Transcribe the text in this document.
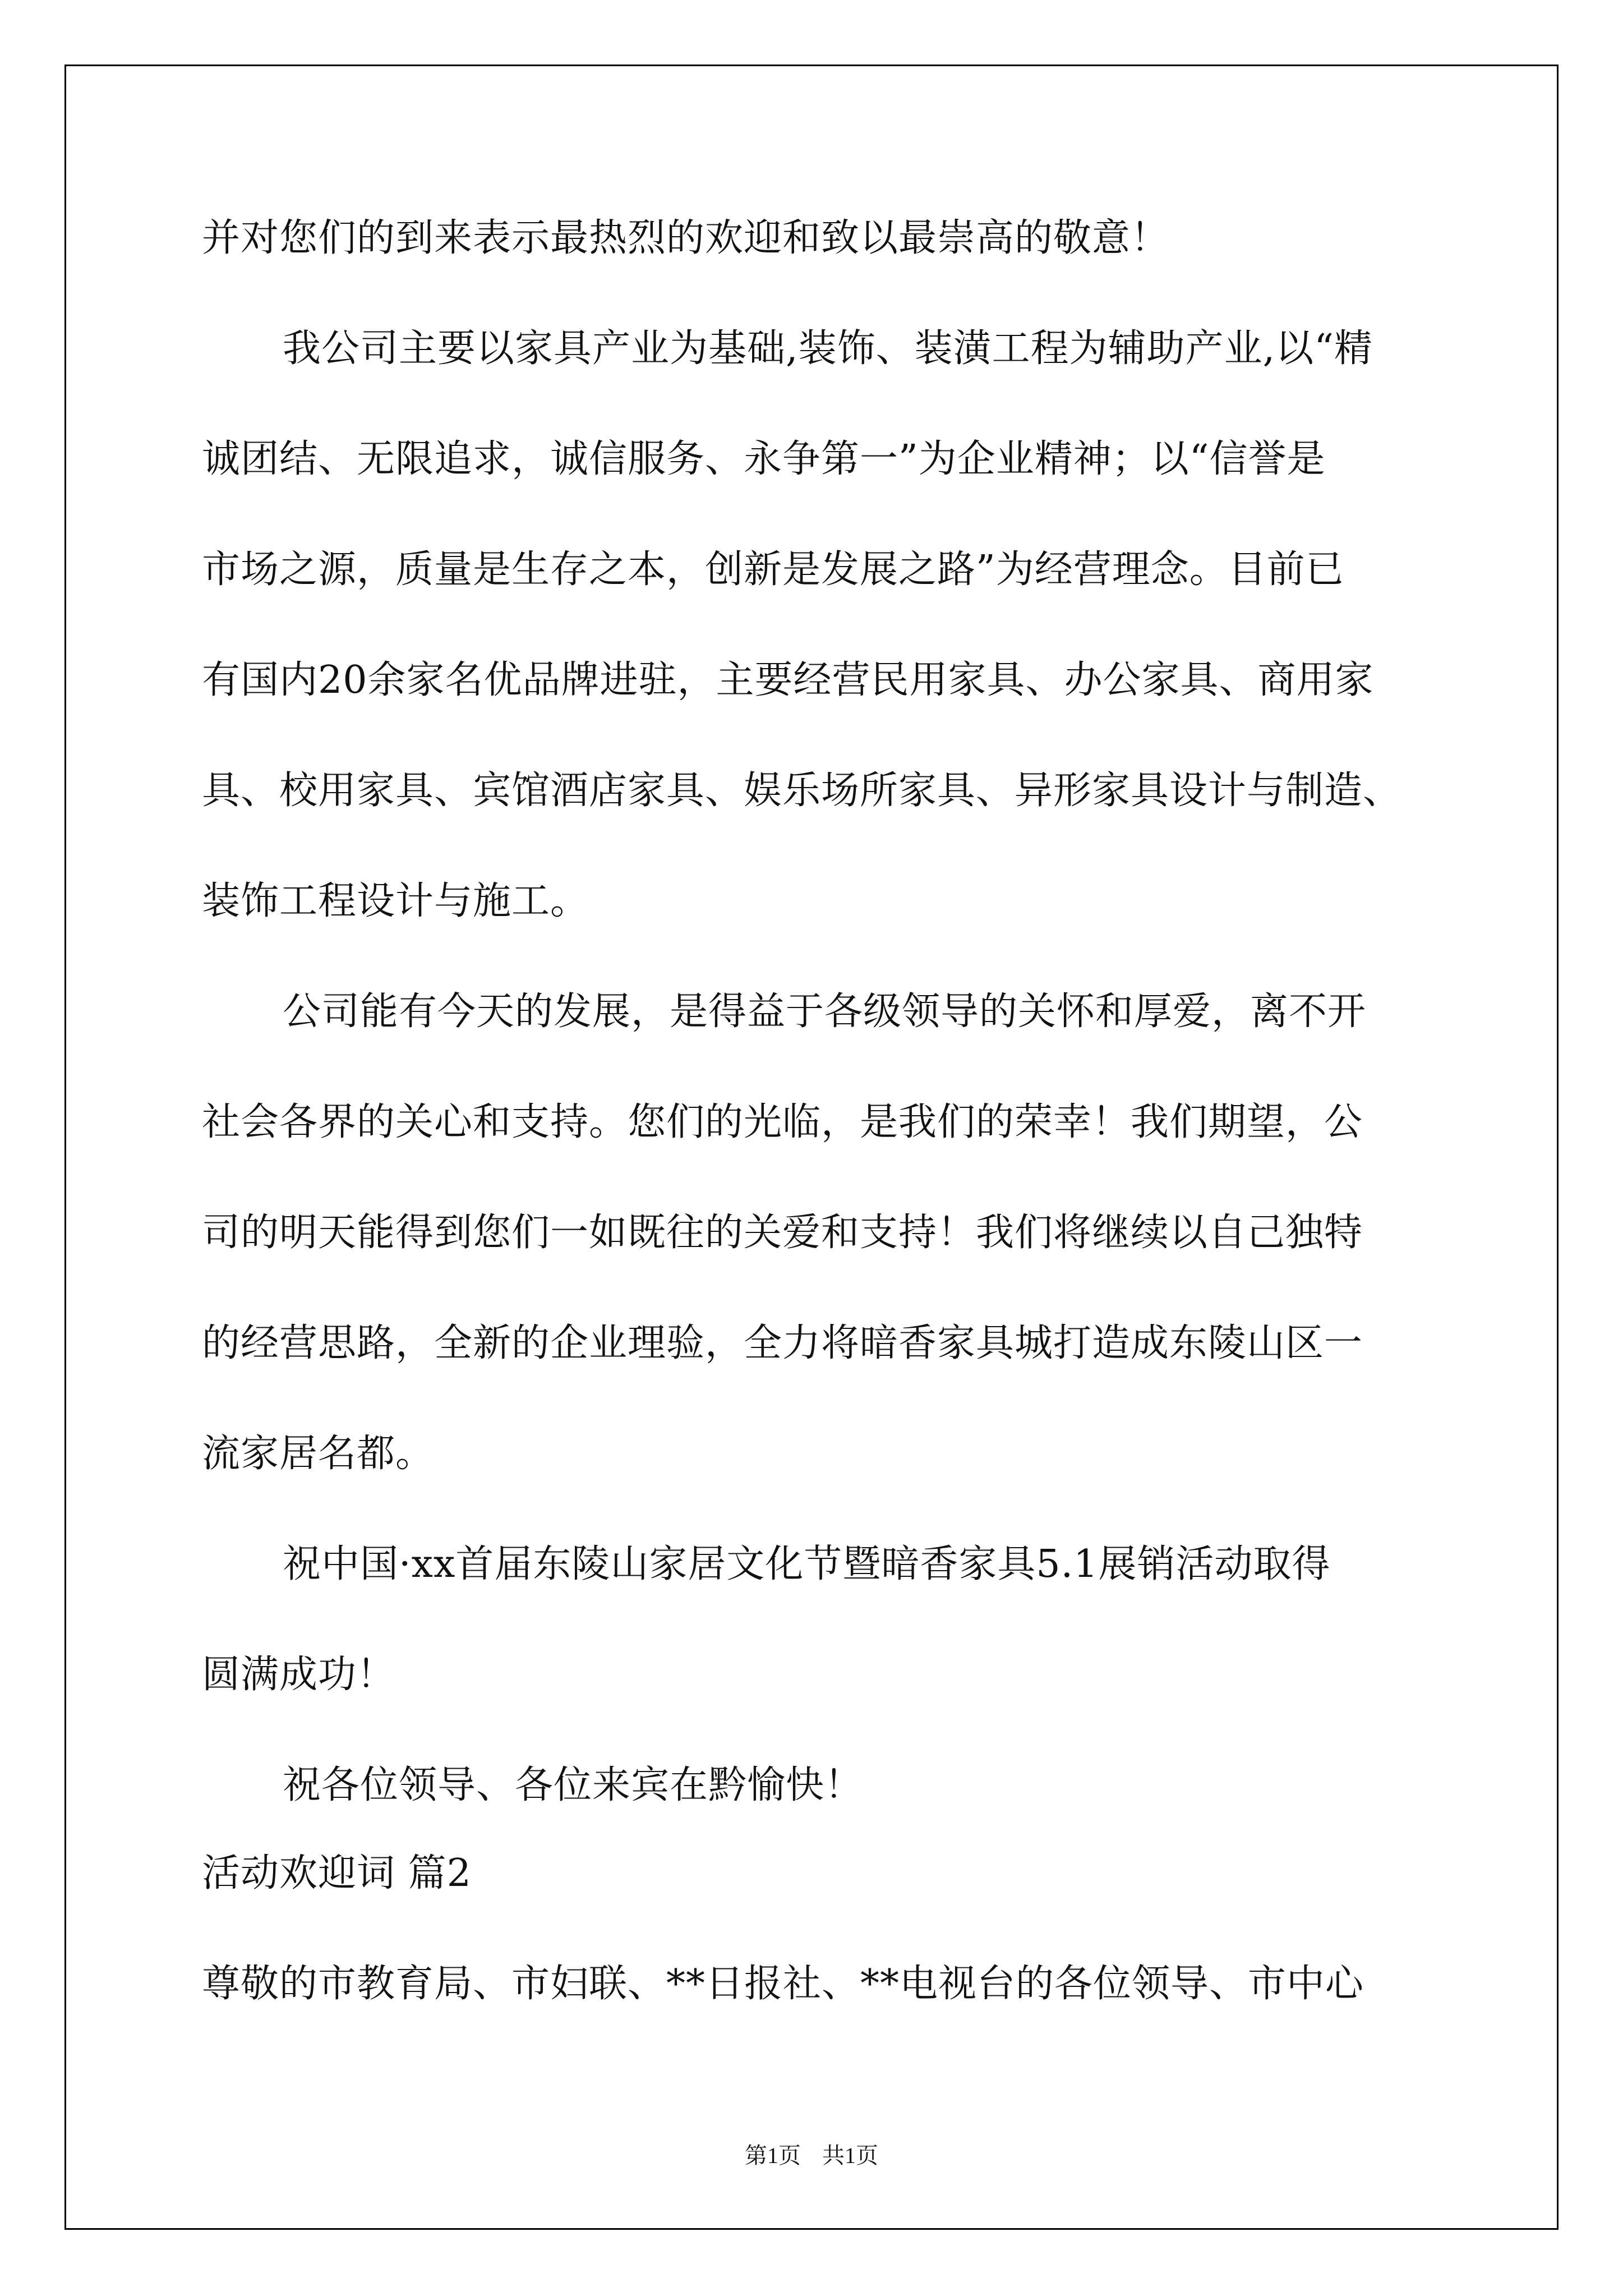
并对您们的到来表示最热烈的欢迎和致以最崇高的敬意！
我公司主要以家具产业为基础,装饰、装潢工程为辅助产业,以“精
诚团结、无限追求，诚信服务、永争第一”为企业精神；以“信誉是
市场之源，质量是生存之本，创新是发展之路”为经营理念。目前已
有国内20余家名优品牌进驻，主要经营民用家具、办公家具、商用家
具、校用家具、宾馆酒店家具、娱乐场所家具、异形家具设计与制造、
装饰工程设计与施工。
公司能有今天的发展，是得益于各级领导的关怀和厚爱，离不开
社会各界的关心和支持。您们的光临，是我们的荣幸！我们期望，公
司的明天能得到您们一如既往的关爱和支持！我们将继续以自己独特
的经营思路，全新的企业理验，全力将暗香家具城打造成东陵山区一
流家居名都。
祝中国·xx首届东陵山家居文化节暨暗香家具5.1展销活动取得
圆满成功！
祝各位领导、各位来宾在黔愉快！
活动欢迎词 篇2
尊敬的市教育局、市妇联、**日报社、**电视台的各位领导、市中心
第1页 共1页
